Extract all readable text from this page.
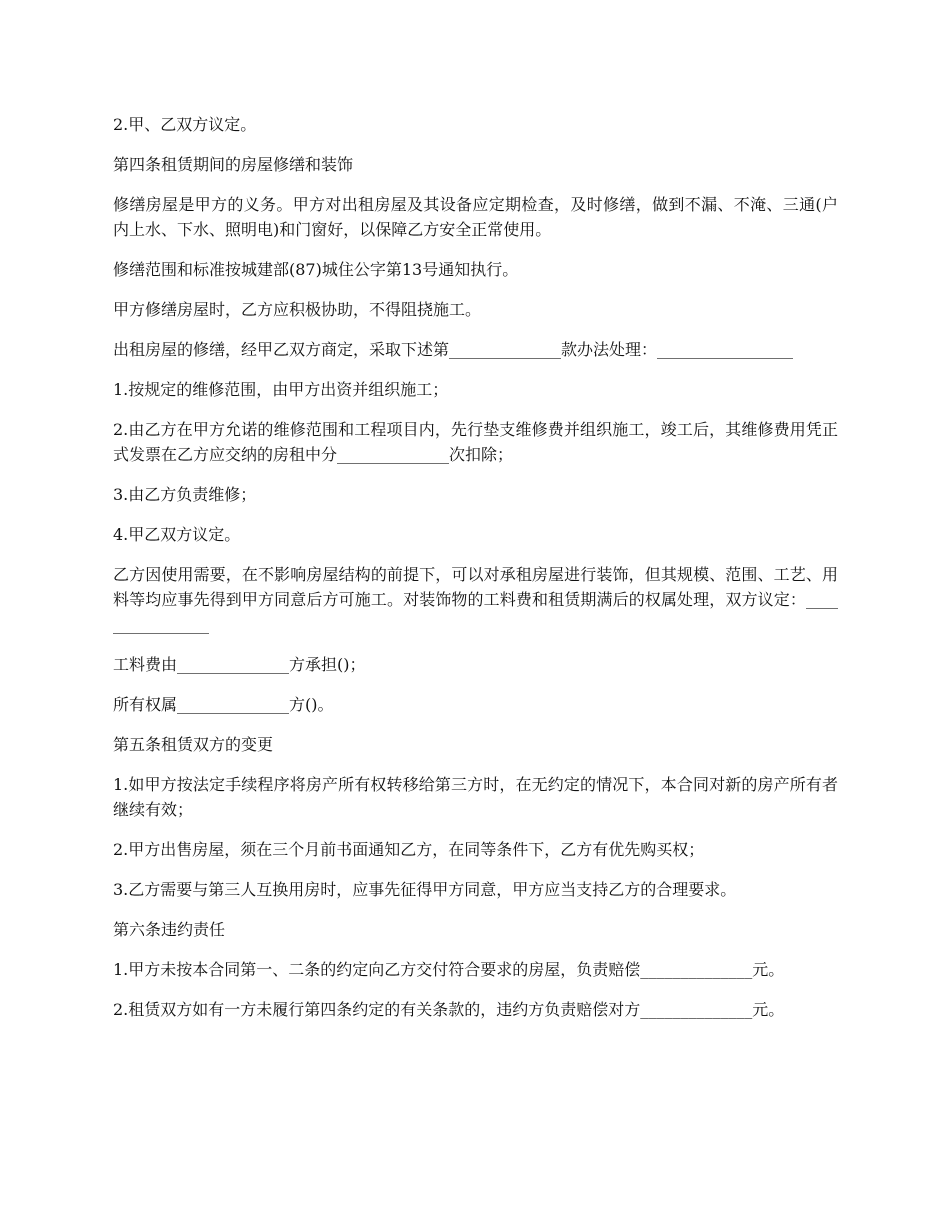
2.甲、乙双方议定。

第四条租赁期间的房屋修缮和装饰

修缮房屋是甲方的义务。甲方对出租房屋及其设备应定期检查，及时修缮，做到不漏、不淹、三通(户内上水、下水、照明电)和门窗好，以保障乙方安全正常使用。

修缮范围和标准按城建部(87)城住公字第13号通知执行。

甲方修缮房屋时，乙方应积极协助，不得阻挠施工。

出租房屋的修缮，经甲乙双方商定，采取下述第______________款办法处理：_________________

1.按规定的维修范围，由甲方出资并组织施工；

2.由乙方在甲方允诺的维修范围和工程项目内，先行垫支维修费并组织施工，竣工后，其维修费用凭正式发票在乙方应交纳的房租中分______________次扣除；

3.由乙方负责维修；

4.甲乙双方议定。

乙方因使用需要，在不影响房屋结构的前提下，可以对承租房屋进行装饰，但其规模、范围、工艺、用料等均应事先得到甲方同意后方可施工。对装饰物的工料费和租赁期满后的权属处理，双方议定：________________

工料费由______________方承担()；

所有权属______________方()。

第五条租赁双方的变更

1.如甲方按法定手续程序将房产所有权转移给第三方时，在无约定的情况下，本合同对新的房产所有者继续有效；

2.甲方出售房屋，须在三个月前书面通知乙方，在同等条件下，乙方有优先购买权；

3.乙方需要与第三人互换用房时，应事先征得甲方同意，甲方应当支持乙方的合理要求。

第六条违约责任

1.甲方未按本合同第一、二条的约定向乙方交付符合要求的房屋，负责赔偿______________元。

2.租赁双方如有一方未履行第四条约定的有关条款的，违约方负责赔偿对方______________元。
